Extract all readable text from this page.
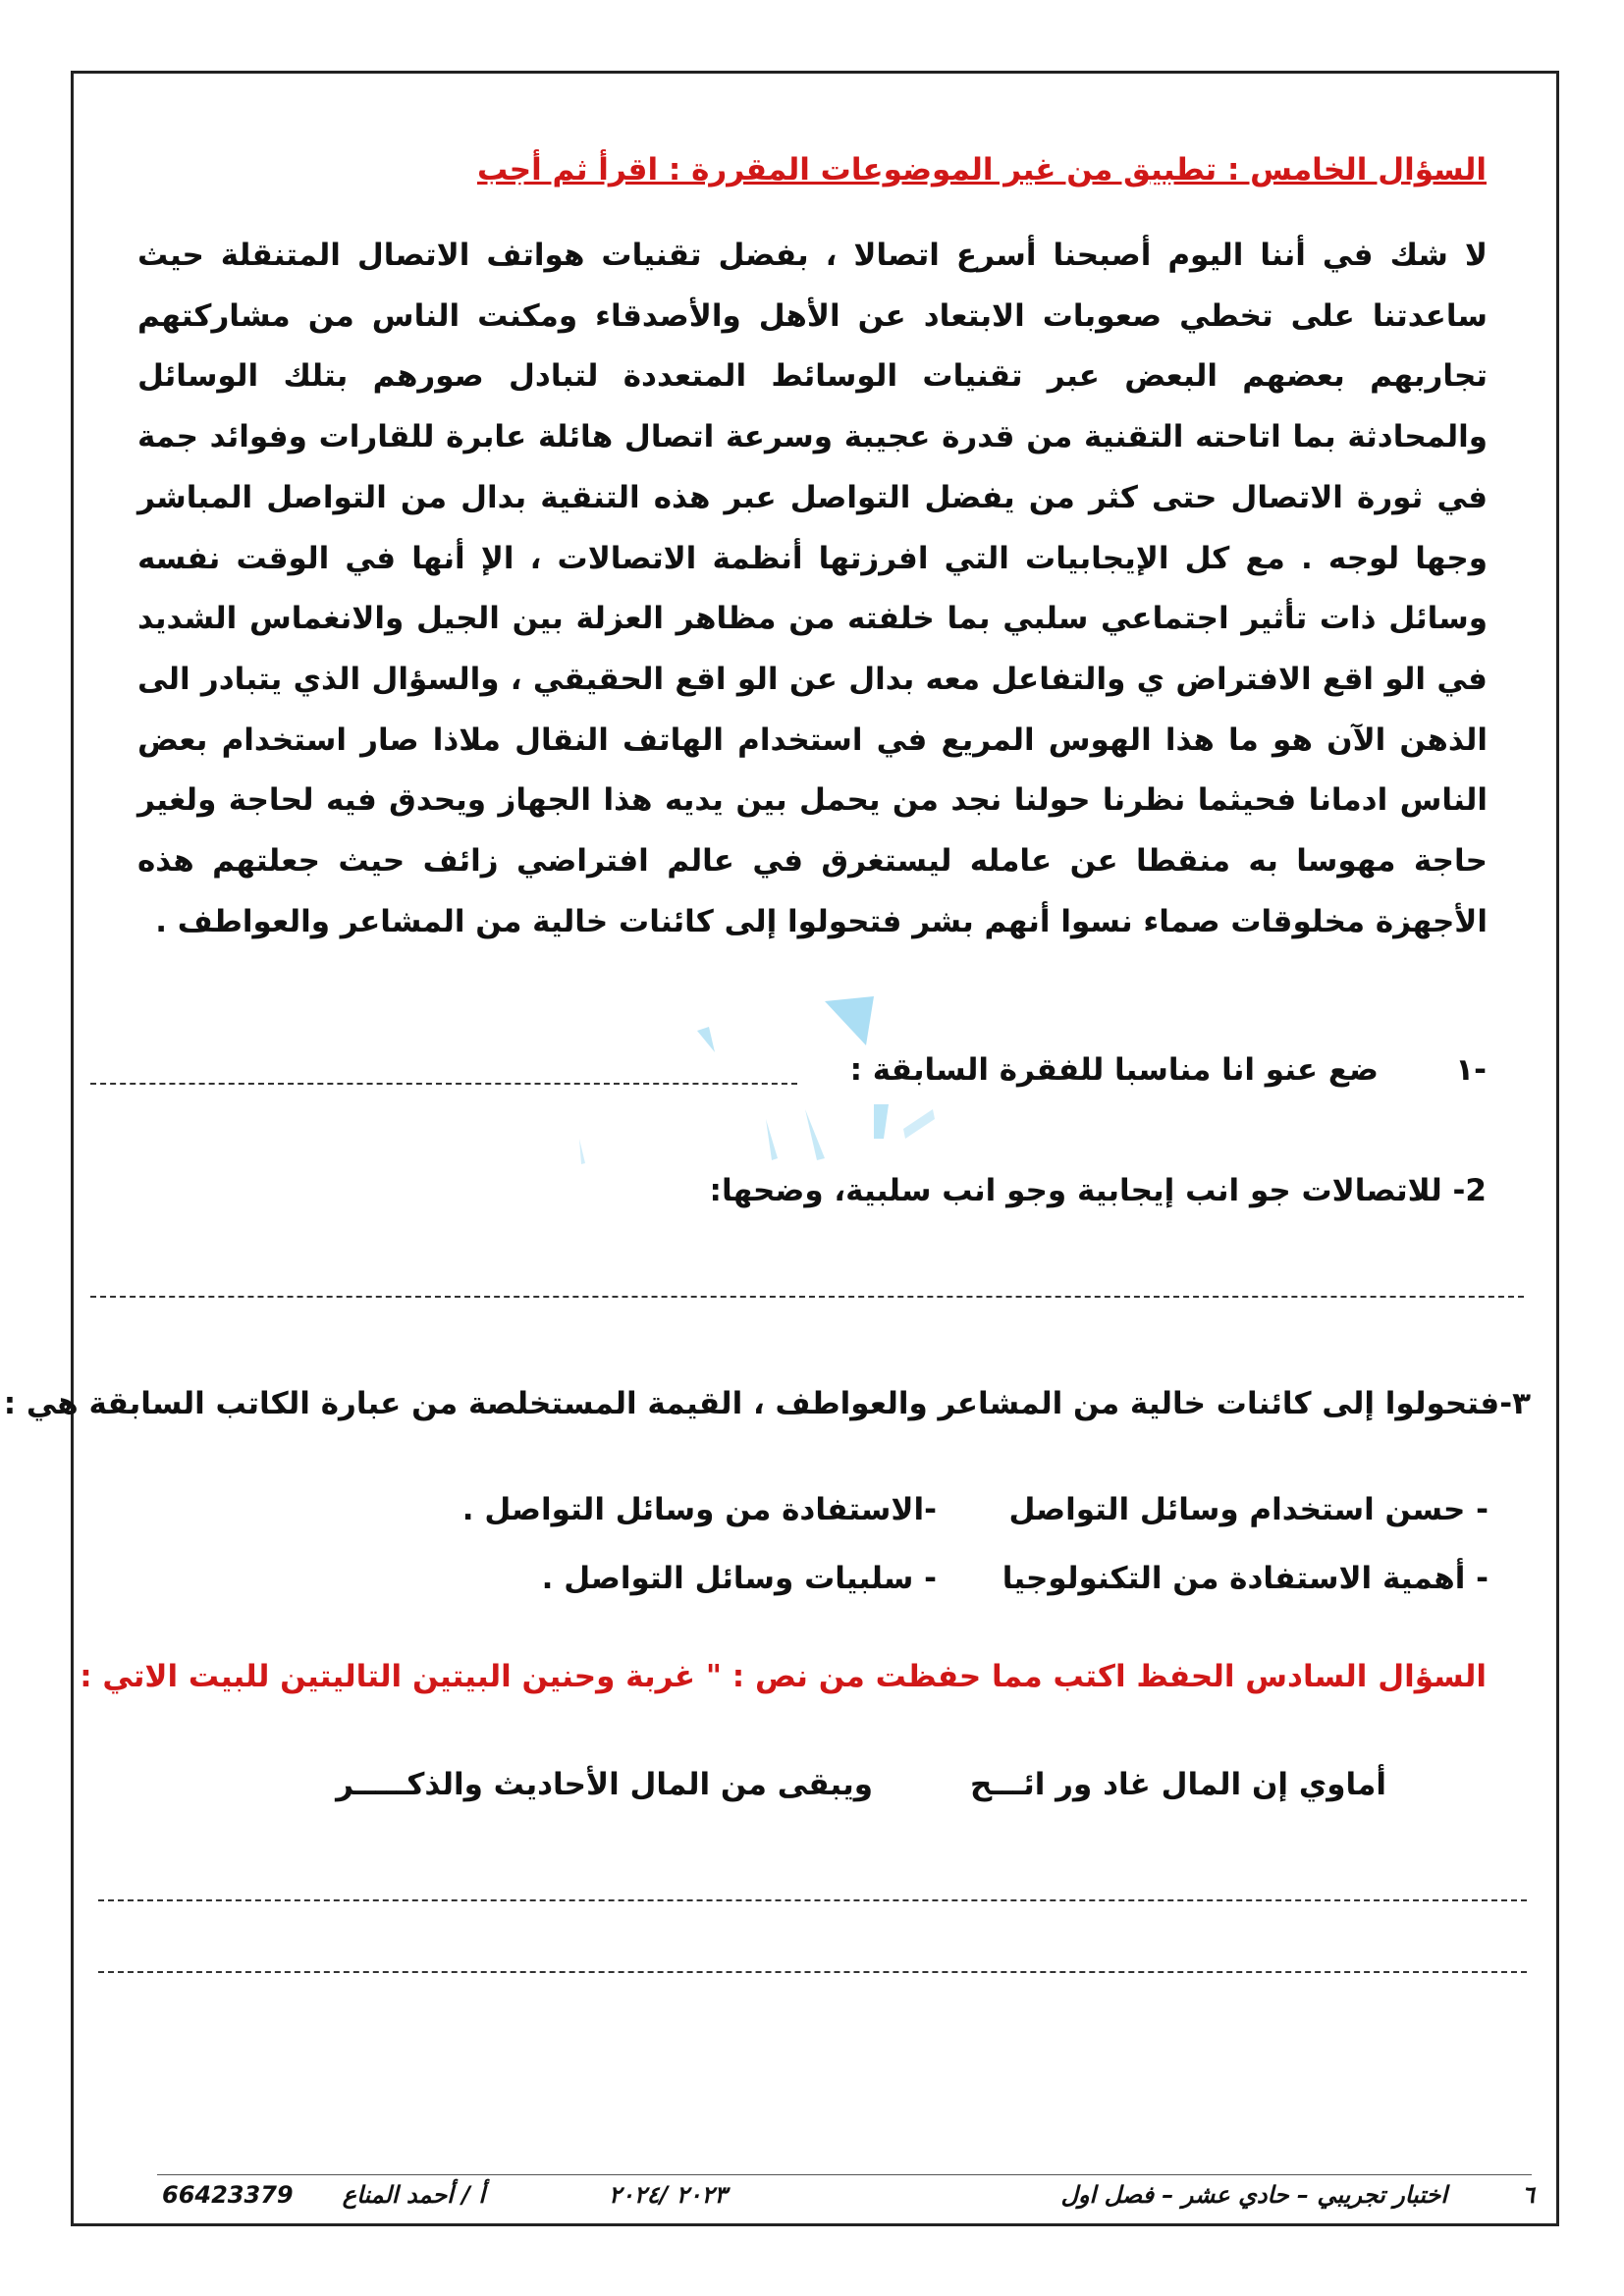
السؤال الخامس : تطبيق من غير الموضوعات المقررة : اقرأ ثم أجب
لا شك في أننا اليوم أصبحنا أسرع اتصالا ، بفضل تقنيات هواتف الاتصال المتنقلة حيث ساعدتنا على تخطي صعوبات الابتعاد عن الأهل والأصدقاء ومكنت الناس من مشاركتهم تجاربهم بعضهم البعض عبر تقنيات الوسائط المتعددة لتبادل صورهم بتلك الوسائل والمحادثة بما اتاحته التقنية من قدرة عجيبة وسرعة اتصال هائلة عابرة للقارات وفوائد جمة في ثورة الاتصال حتى كثر من يفضل التواصل عبر هذه التنقية بدال من التواصل المباشر وجها لوجه . مع كل الإيجابيات التي افرزتها أنظمة الاتصالات ، الإ أنها في الوقت نفسه وسائل ذات تأثير اجتماعي سلبي بما خلفته من مظاهر العزلة بين الجيل والانغماس الشديد في الو اقع الافتراض ي والتفاعل معه بدال عن الو اقع الحقيقي ، والسؤال الذي يتبادر الى الذهن الآن هو ما هذا الهوس المريع في استخدام الهاتف النقال ملاذا صار استخدام بعض الناس ادمانا فحيثما نظرنا حولنا نجد من يحمل بين يديه هذا الجهاز ويحدق فيه لحاجة ولغير حاجة مهوسا به منقطا عن عامله ليستغرق في عالم افتراضي زائف حيث جعلتهم هذه الأجهزة مخلوقات صماء نسوا أنهم بشر فتحولوا إلى كائنات خالية من المشاعر والعواطف .
١-
ضع عنو انا مناسبا للفقرة السابقة :
2- للاتصالات جو انب إيجابية وجو انب سلبية، وضحها:
٣-فتحولوا إلى كائنات خالية من المشاعر والعواطف ، القيمة المستخلصة من عبارة الكاتب السابقة هي :
- حسن استخدام وسائل التواصل
-الاستفادة من وسائل التواصل .
- أهمية الاستفادة من التكنولوجيا
- سلبيات وسائل التواصل .
السؤال السادس الحفظ اكتب مما حفظت من نص : " غربة وحنين البيتين التاليتين للبيت الاتي :
أماوي إن المال غاد ور ائـــح
ويبقى من المال الأحاديث والذكـــــر
٦
اختبار تجريبي – حادي عشر – فصل اول
٢٠٢٣ /٢٠٢٤
أ / أحمد المناع
66423379
